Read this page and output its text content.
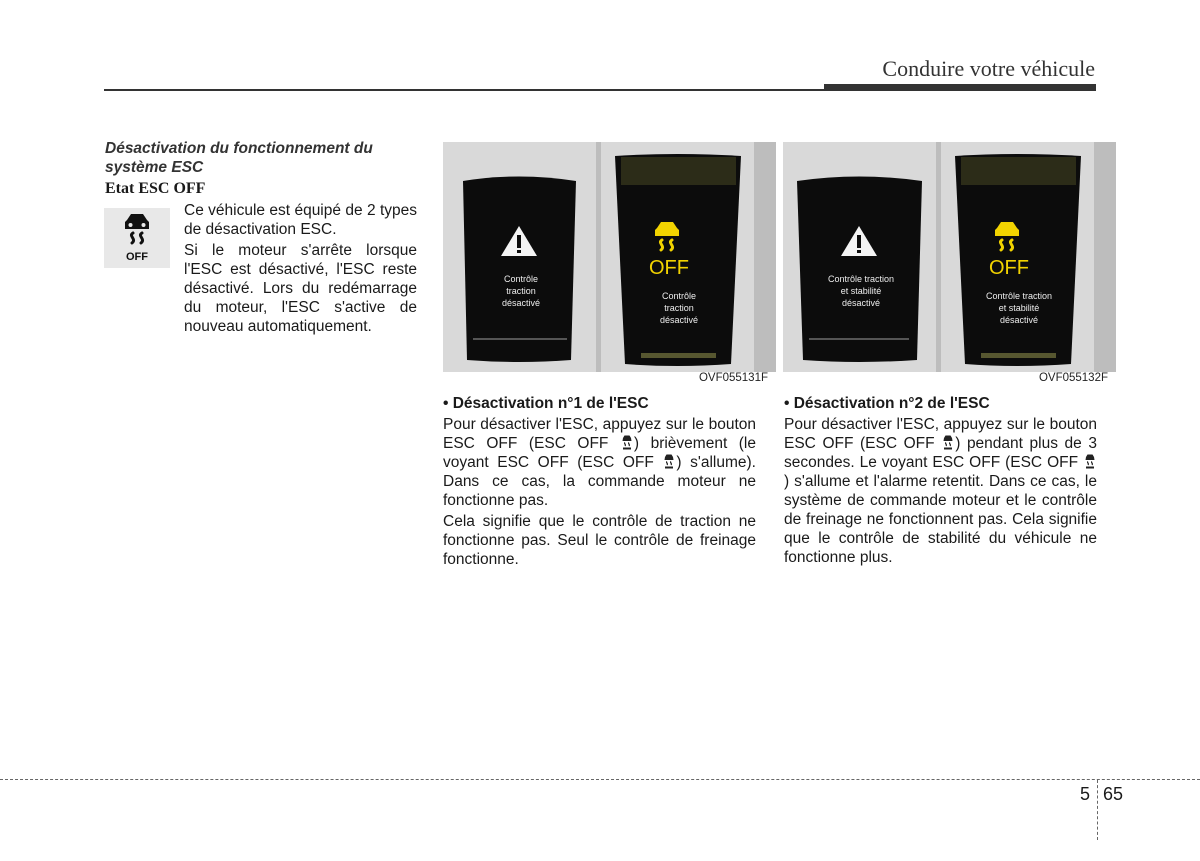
Conduire votre véhicule
Désactivation du fonctionnement du système ESC
Etat ESC OFF
OFF

Ce véhicule est équipé de 2 types de désactivation ESC.

Si le moteur s'arrête lorsque l'ESC est désactivé, l'ESC reste désactivé. Lors du redémarrage du moteur, l'ESC s'active de nouveau automatiquement.

Contrôle
traction
désactivé
OFF
Contrôle
traction
désactivé
OVF055131F
Contrôle traction
et stabilité
désactivé
OFF
Contrôle traction
et stabilité
désactivé
OVF055132F
• Désactivation n°1 de l'ESC

Pour désactiver l'ESC, appuyez sur le bouton ESC OFF (ESC OFF ) brièvement (le voyant ESC OFF (ESC OFF ) s'allume). Dans ce cas, la commande moteur ne fonctionne pas.

Cela signifie que le contrôle de traction ne fonctionne pas. Seul le contrôle de freinage fonctionne.

• Désactivation n°2 de l'ESC

Pour désactiver l'ESC, appuyez sur le bouton ESC OFF (ESC OFF ) pendant plus de 3 secondes. Le voyant ESC OFF (ESC OFF ) s'allume et l'alarme retentit. Dans ce cas, le système de commande moteur et le contrôle de freinage ne fonctionnent pas. Cela signifie que le contrôle de stabilité du véhicule ne fonctionne plus.

5 65
